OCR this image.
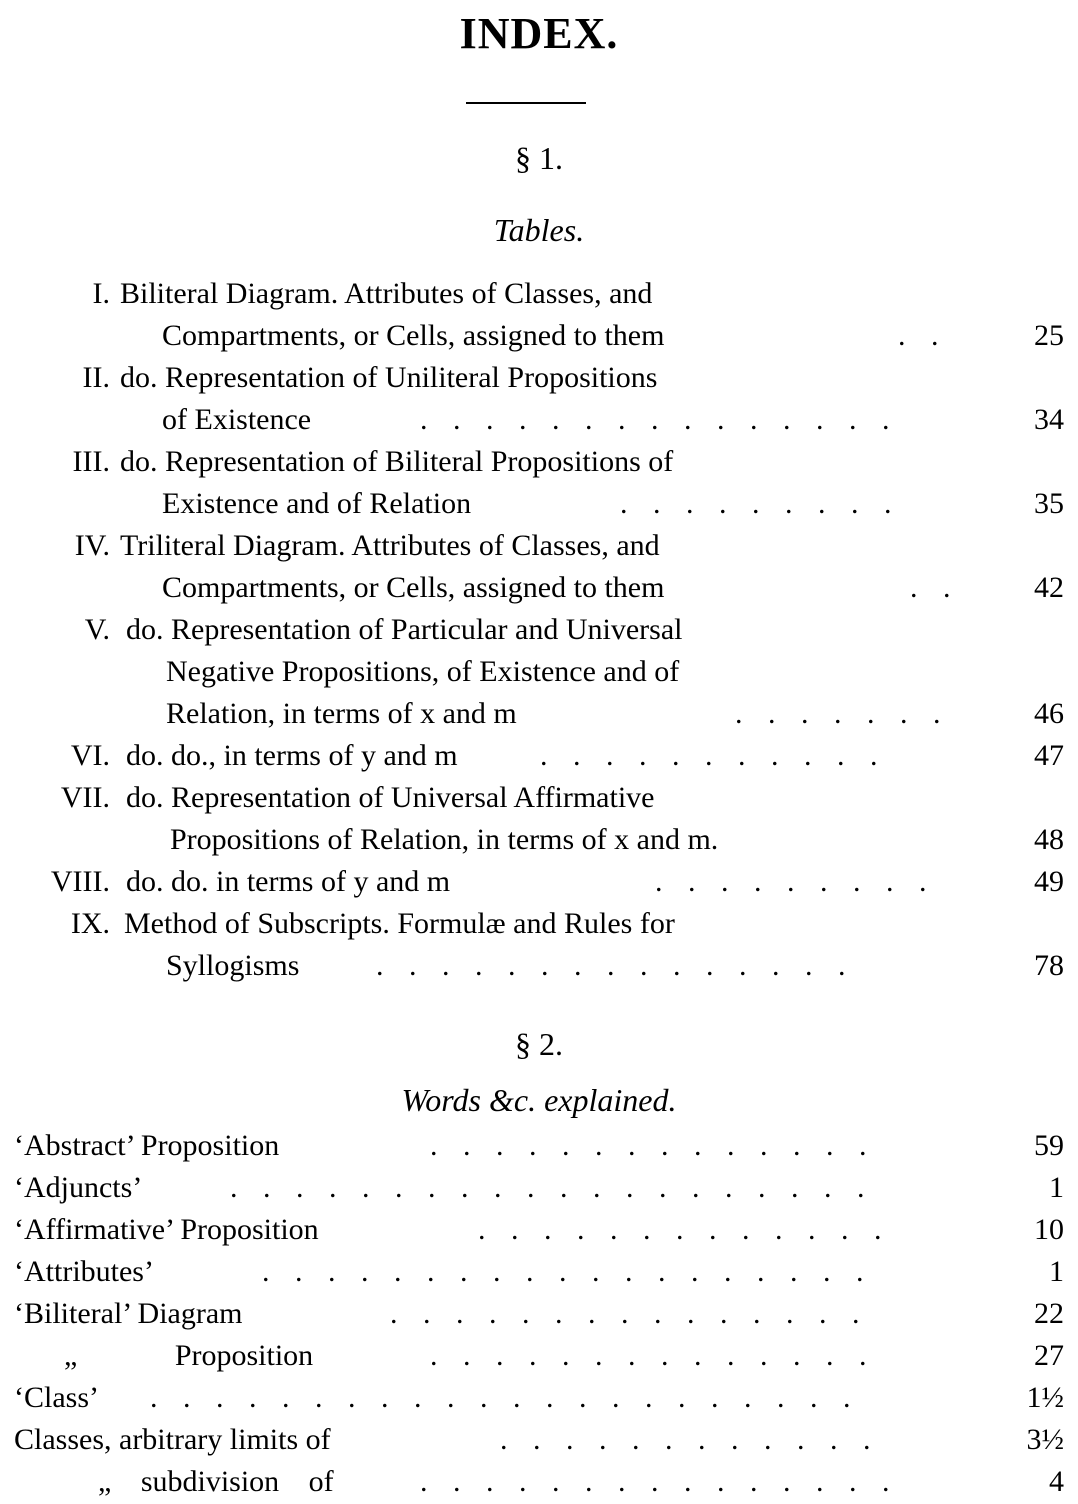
INDEX.
§ 1.
Tables.
I. Biliteral Diagram. Attributes of Classes, and
Compartments, or Cells, assigned to them	. .	25
II. do. Representation of Uniliteral Propositions
of Existence	. . . . . . . . . . . . . . .	34
III. do. Representation of Biliteral Propositions of
Existence and of Relation	. . . . . . . . .	35
IV. Triliteral Diagram. Attributes of Classes, and
Compartments, or Cells, assigned to them	. . 42
V. do. Representation of Particular and Universal
Negative Propositions, of Existence and of
Relation, in terms of x and m	. . . . . . .	46
VI. do. do., in terms of y and m	. . . . . . . . . . .	47
VII. do. Representation of Universal Affirmative
Propositions of Relation, in terms of x and m.	48
VIII. do. do. in terms of y and m	. . . . . . . . .	49
IX. Method of Subscripts. Formulæ and Rules for
Syllogisms	. . . . . . . . . . . . . . .	78
§ 2.
Words &c. explained.
‘Abstract’ Proposition	. . . . . . . . . . . . . .	59
‘Adjuncts’	. . . . . . . . . . . . . . . . . . . .	1
‘Affirmative’ Proposition	. . . . . . . . . . . . .	10
‘Attributes’	. . . . . . . . . . . . . . . . . . .	1
‘Biliteral’ Diagram	. . . . . . . . . . . . . . .	22
„ Proposition	. . . . . . . . . . . . . .	27
‘Class’ . . . . . . . . . . . . . . . . . . . . . .	1½
Classes, arbitrary limits of	. . . . . . . . . . . .	3½
„ subdivision of	. . . . . . . . . . . . . . .	4
